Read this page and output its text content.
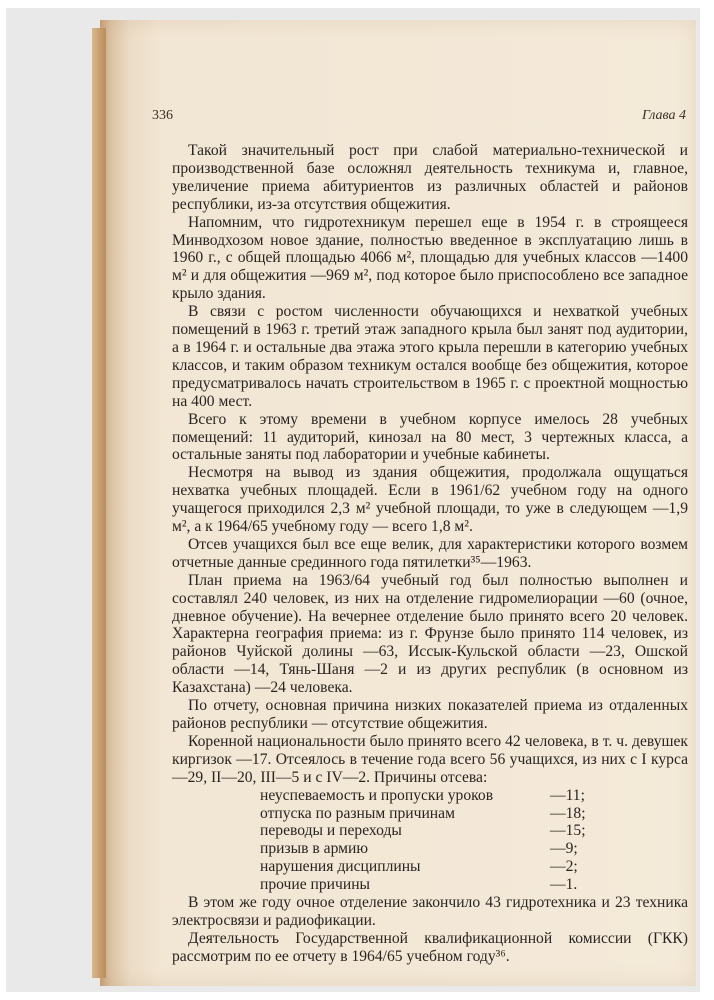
336	Глава 4

Такой значительный рост при слабой материально-технической и производственной базе осложнял деятельность техникума и, главное, увеличение приема абитуриентов из различных областей и районов республики, из-за отсутствия общежития.

Напомним, что гидротехникум перешел еще в 1954 г. в строящееся Минводхозом новое здание, полностью введенное в эксплуатацию лишь в 1960 г., с общей площадью 4066 м², площадью для учебных классов —1400 м² и для общежития —969 м², под которое было приспособлено все западное крыло здания.

В связи с ростом численности обучающихся и нехваткой учебных помещений в 1963 г. третий этаж западного крыла был занят под аудитории, а в 1964 г. и остальные два этажа этого крыла перешли в категорию учебных классов, и таким образом техникум остался вообще без общежития, которое предусматривалось начать строительством в 1965 г. с проектной мощностью на 400 мест.

Всего к этому времени в учебном корпусе имелось 28 учебных помещений: 11 аудиторий, кинозал на 80 мест, 3 чертежных класса, а остальные заняты под лаборатории и учебные кабинеты.

Несмотря на вывод из здания общежития, продолжала ощущаться нехватка учебных площадей. Если в 1961/62 учебном году на одного учащегося приходился 2,3 м² учебной площади, то уже в следующем —1,9 м², а к 1964/65 учебному году — всего 1,8 м².

Отсев учащихся был все еще велик, для характеристики которого возмем отчетные данные срединного года пятилетки³⁵—1963.

План приема на 1963/64 учебный год был полностью выполнен и составлял 240 человек, из них на отделение гидромелиорации —60 (очное, дневное обучение). На вечернее отделение было принято всего 20 человек. Характерна география приема: из г. Фрунзе было принято 114 человек, из районов Чуйской долины —63, Иссык-Кульской области —23, Ошской области —14, Тянь-Шаня —2 и из других республик (в основном из Казахстана) —24 человека.

По отчету, основная причина низких показателей приема из отдаленных районов республики — отсутствие общежития.

Коренной национальности было принято всего 42 человека, в т. ч. девушек киргизок —17. Отсеялось в течение года всего 56 учащихся, из них с I курса —29, II—20, III—5 и с IV—2. Причины отсева:

неуспеваемость и пропуски уроков	—11;
отпуска по разным причинам	—18;
переводы и переходы	—15;
призыв в армию	—9;
нарушения дисциплины	—2;
прочие причины	—1.

В этом же году очное отделение закончило 43 гидротехника и 23 техника электросвязи и радиофикации.

Деятельность Государственной квалификационной комиссии (ГКК) рассмотрим по ее отчету в 1964/65 учебном году³⁶.
